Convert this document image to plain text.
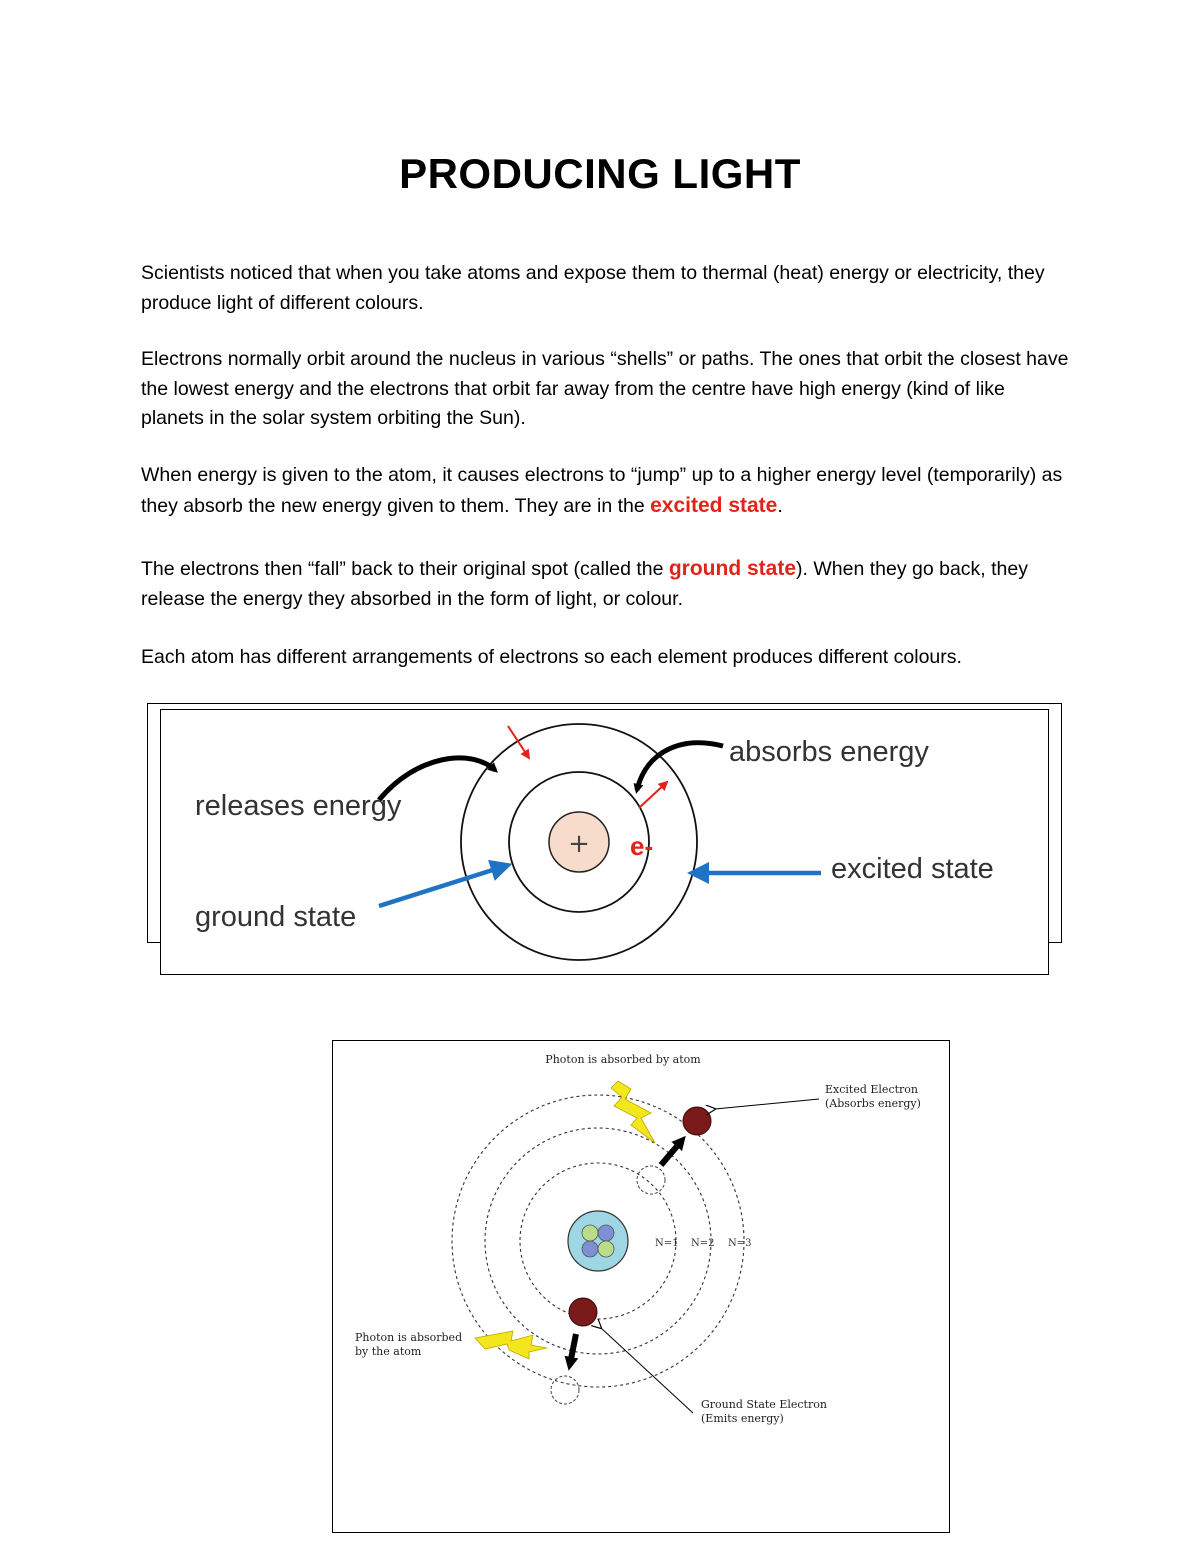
PRODUCING LIGHT

Scientists noticed that when you take atoms and expose them to thermal (heat) energy or electricity, they produce light of different colours.

Electrons normally orbit around the nucleus in various “shells” or paths. The ones that orbit the closest have the lowest energy and the electrons that orbit far away from the centre have high energy (kind of like planets in the solar system orbiting the Sun).

When energy is given to the atom, it causes electrons to “jump” up to a higher energy level (temporarily) as they absorb the new energy given to them. They are in the excited state.

The electrons then “fall” back to their original spot (called the ground state). When they go back, they release the energy they absorbed in the form of light, or colour.

Each atom has different arrangements of electrons so each element produces different colours.

+ e-
releases energy
ground state
absorbs energy
excited state
Photon is absorbed by atom
N=1 N=2 N=3
Excited Electron
(Absorbs energy)
Photon is absorbed
by the atom
Ground State Electron
(Emits energy)
